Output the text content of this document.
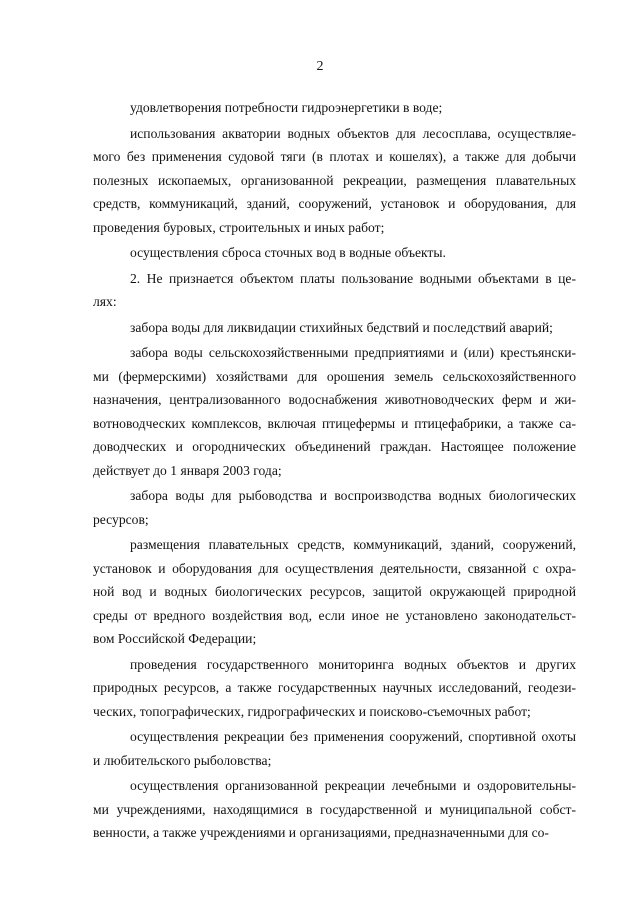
2
удовлетворения потребности гидроэнергетики в воде;
использования акватории водных объектов для лесосплава, осуществляе-
мого без применения судовой тяги (в плотах и кошелях), а также для добычи
полезных ископаемых, организованной рекреации, размещения плавательных
средств, коммуникаций, зданий, сооружений, установок и оборудования, для
проведения буровых, строительных и иных работ;
осуществления сброса сточных вод в водные объекты.
2. Не признается объектом платы пользование водными объектами в це-
лях:
забора воды для ликвидации стихийных бедствий и последствий аварий;
забора воды сельскохозяйственными предприятиями и (или) крестьянски-
ми (фермерскими) хозяйствами для орошения земель сельскохозяйственного
назначения, централизованного водоснабжения животноводческих ферм и жи-
вотноводческих комплексов, включая птицефермы и птицефабрики, а также са-
доводческих и огороднических объединений граждан. Настоящее положение
действует до 1 января 2003 года;
забора воды для рыбоводства и воспроизводства водных биологических
ресурсов;
размещения плавательных средств, коммуникаций, зданий, сооружений,
установок и оборудования для осуществления деятельности, связанной с охра-
ной вод и водных биологических ресурсов, защитой окружающей природной
среды от вредного воздействия вод, если иное не установлено законодательст-
вом Российской Федерации;
проведения государственного мониторинга водных объектов и других
природных ресурсов, а также государственных научных исследований, геодези-
ческих, топографических, гидрографических и поисково-съемочных работ;
осуществления рекреации без применения сооружений, спортивной охоты
и любительского рыболовства;
осуществления организованной рекреации лечебными и оздоровительны-
ми учреждениями, находящимися в государственной и муниципальной собст-
венности, а также учреждениями и организациями, предназначенными для со-
